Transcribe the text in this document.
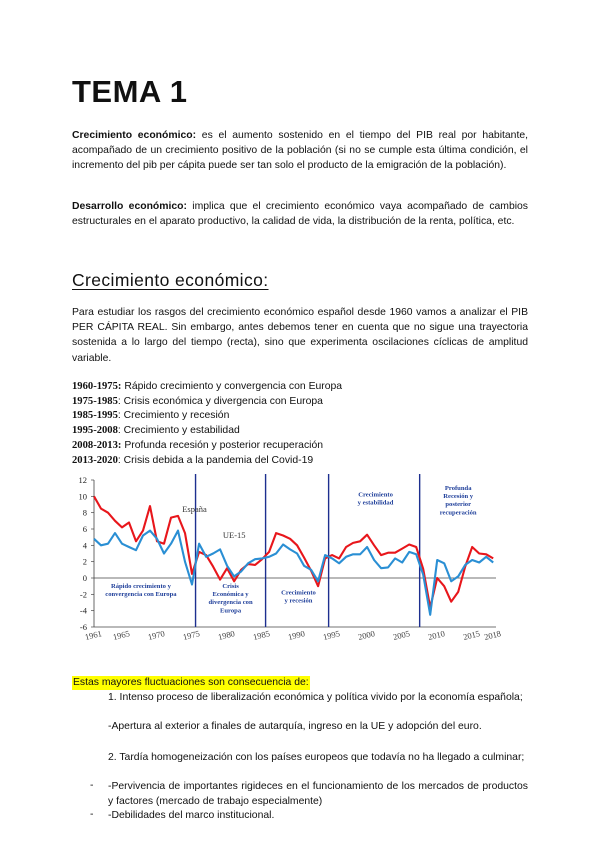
TEMA 1

Crecimiento económico: es el aumento sostenido en el tiempo del PIB real por habitante, acompañado de un crecimiento positivo de la población (si no se cumple esta última condición, el incremento del pib per cápita puede ser tan solo el producto de la emigración de la población).

Desarrollo económico: implica que el crecimiento económico vaya acompañado de cambios estructurales en el aparato productivo, la calidad de vida, la distribución de la renta, política, etc.

Crecimiento económico:

Para estudiar los rasgos del crecimiento económico español desde 1960 vamos a analizar el PIB PER CÁPITA REAL. Sin embargo, antes debemos tener en cuenta que no sigue una trayectoria sostenida a lo largo del tiempo (recta), sino que experimenta oscilaciones cíclicas de amplitud variable.

1960-1975: Rápido crecimiento y convergencia con Europa
1975-1985: Crisis económica y divergencia con Europa
1985-1995: Crecimiento y recesión
1995-2008: Crecimiento y estabilidad
2008-2013: Profunda recesión y posterior recuperación
2013-2020: Crisis debida a la pandemia del Covid-19
España
UE-15
Rápido crecimiento y
convergencia con Europa
Crisis
Económica y
divergencia con
Europa
Crecimiento
y recesión
Crecimiento
y estabilidad
Profunda
Recesión y
posterior
recuperación
12
10
8
6
4
2
0
-2
-4
-6
1961 1965 1970 1975 1980 1985 1990 1995 2000 2005 2010 2015 2018
Estas mayores fluctuaciones son consecuencia de:
1. Intenso proceso de liberalización económica y política vivido por la economía española;
-Apertura al exterior a finales de autarquía, ingreso en la UE y adopción del euro.
2. Tardía homogeneización con los países europeos que todavía no ha llegado a culminar;
- -Pervivencia de importantes rigideces en el funcionamiento de los mercados de productos y factores (mercado de trabajo especialmente)
- -Debilidades del marco institucional.
